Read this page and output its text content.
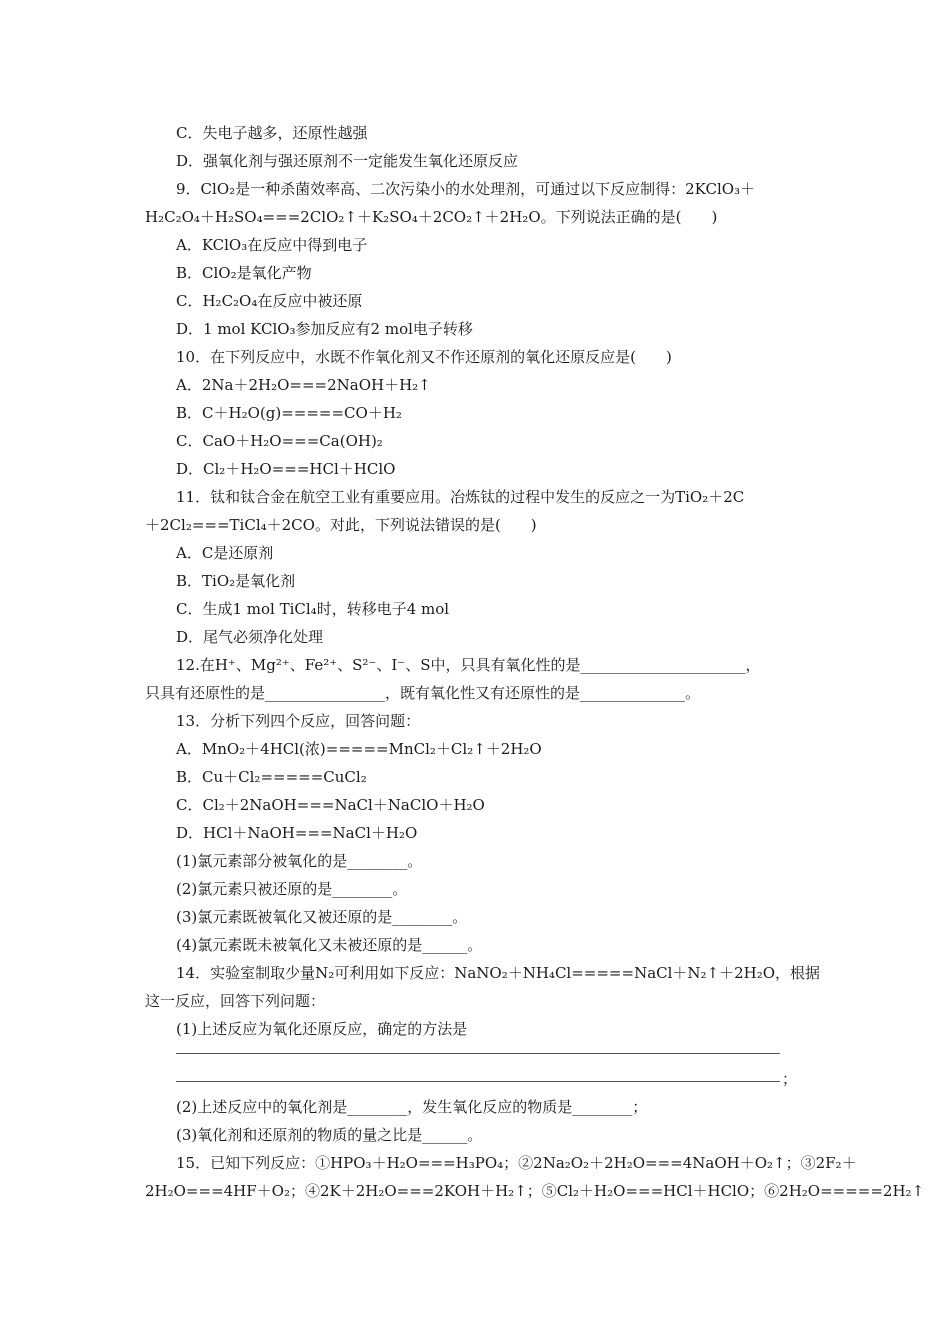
C．失电子越多，还原性越强
D．强氧化剂与强还原剂不一定能发生氧化还原反应
9．ClO₂是一种杀菌效率高、二次污染小的水处理剂，可通过以下反应制得：2KClO₃＋
H₂C₂O₄＋H₂SO₄===2ClO₂↑＋K₂SO₄＋2CO₂↑＋2H₂O。下列说法正确的是(　　)
A．KClO₃在反应中得到电子
B．ClO₂是氧化产物
C．H₂C₂O₄在反应中被还原
D．1 mol KClO₃参加反应有2 mol电子转移
10．在下列反应中，水既不作氧化剂又不作还原剂的氧化还原反应是(　　)
A．2Na＋2H₂O===2NaOH＋H₂↑
B．C＋H₂O(g)=====CO＋H₂
C．CaO＋H₂O===Ca(OH)₂
D．Cl₂＋H₂O===HCl＋HClO
11．钛和钛合金在航空工业有重要应用。冶炼钛的过程中发生的反应之一为TiO₂＋2C
＋2Cl₂===TiCl₄＋2CO。对此，下列说法错误的是(　　)
A．C是还原剂
B．TiO₂是氧化剂
C．生成1 mol TiCl₄时，转移电子4 mol
D．尾气必须净化处理
12.在H⁺、Mg²⁺、Fe²⁺、S²⁻、I⁻、S中，只具有氧化性的是______________________，
只具有还原性的是________________，既有氧化性又有还原性的是______________。
13．分析下列四个反应，回答问题：
A．MnO₂＋4HCl(浓)=====MnCl₂＋Cl₂↑＋2H₂O
B．Cu＋Cl₂=====CuCl₂
C．Cl₂＋2NaOH===NaCl＋NaClO＋H₂O
D．HCl＋NaOH===NaCl＋H₂O
(1)氯元素部分被氧化的是________。
(2)氯元素只被还原的是________。
(3)氯元素既被氧化又被还原的是________。
(4)氯元素既未被氧化又未被还原的是______。
14．实验室制取少量N₂可利用如下反应：NaNO₂＋NH₄Cl=====NaCl＋N₂↑＋2H₂O，根据
这一反应，回答下列问题：
(1)上述反应为氧化还原反应，确定的方法是
；
(2)上述反应中的氧化剂是________，发生氧化反应的物质是________；
(3)氧化剂和还原剂的物质的量之比是______。
15．已知下列反应：①HPO₃＋H₂O===H₃PO₄；②2Na₂O₂＋2H₂O===4NaOH＋O₂↑；③2F₂＋
2H₂O===4HF＋O₂；④2K＋2H₂O===2KOH＋H₂↑；⑤Cl₂＋H₂O===HCl＋HClO；⑥2H₂O=====2H₂↑
